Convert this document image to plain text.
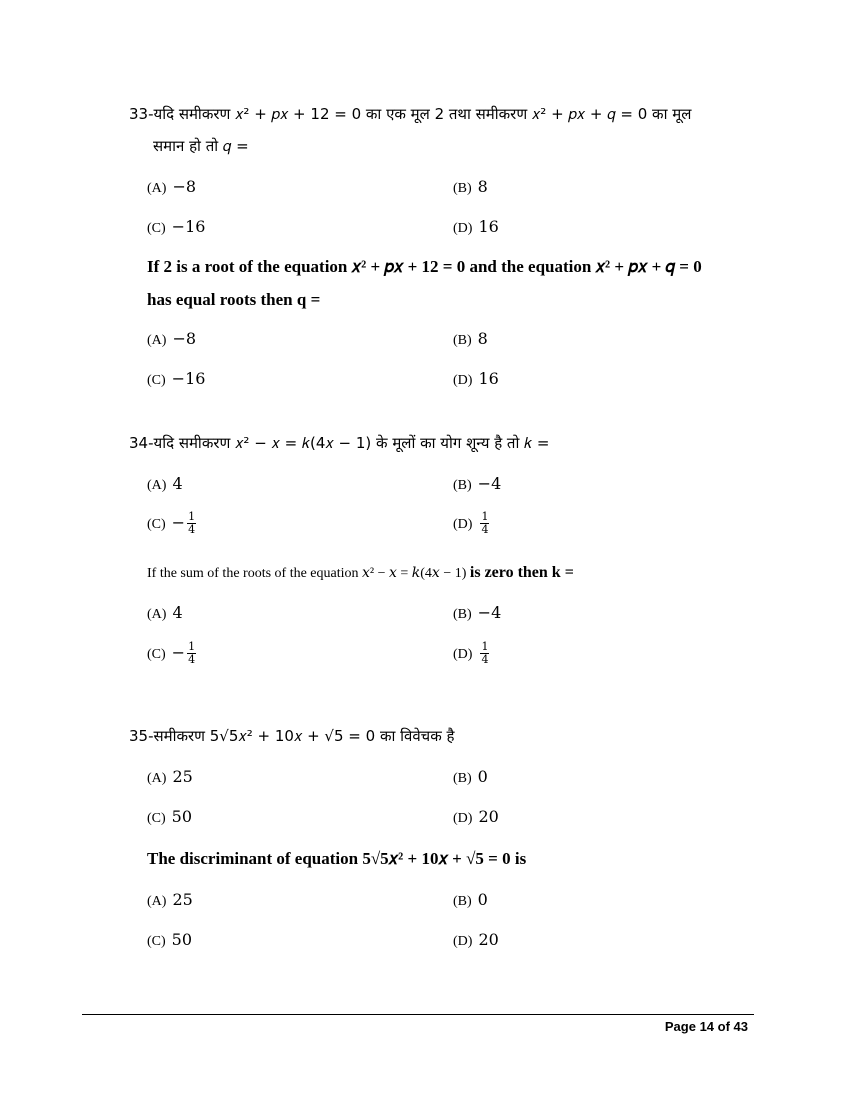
33-यदि समीकरण 𝑥² + 𝑝𝑥 + 12 = 0 का एक मूल 2 तथा समीकरण 𝑥² + 𝑝𝑥 + 𝑞 = 0 का मूल
समान हो तो 𝑞 =
(A) −8	(B) 8
(C) −16	(D) 16
If 2 is a root of the equation 𝑥² + 𝑝𝑥 + 12 = 0 and the equation 𝑥² + 𝑝𝑥 + 𝑞 = 0
has equal roots then q =
(A) −8	(B) 8
(C) −16	(D) 16
34-यदि समीकरण 𝑥² − 𝑥 = 𝑘(4𝑥 − 1) के मूलों का योग शून्य है तो 𝑘 =
(A) 4	(B) −4
$(C) - \frac{1}{4}$	$(D) \frac{1}{4}$
If the sum of the roots of the equation 𝑥² − 𝑥 = 𝑘(4𝑥 − 1) is zero then k =
(A) 4	(B) −4
$(C) - \frac{1}{4}$	$(D) \frac{1}{4}$
35-समीकरण 5√5𝑥² + 10𝑥 + √5 = 0 का विवेचक है
(A) 25	(B) 0
(C) 50	(D) 20
The discriminant of equation 5√5𝑥² + 10𝑥 + √5 = 0 is
(A) 25	(B) 0
(C) 50	(D) 20
Page 14 of 43
